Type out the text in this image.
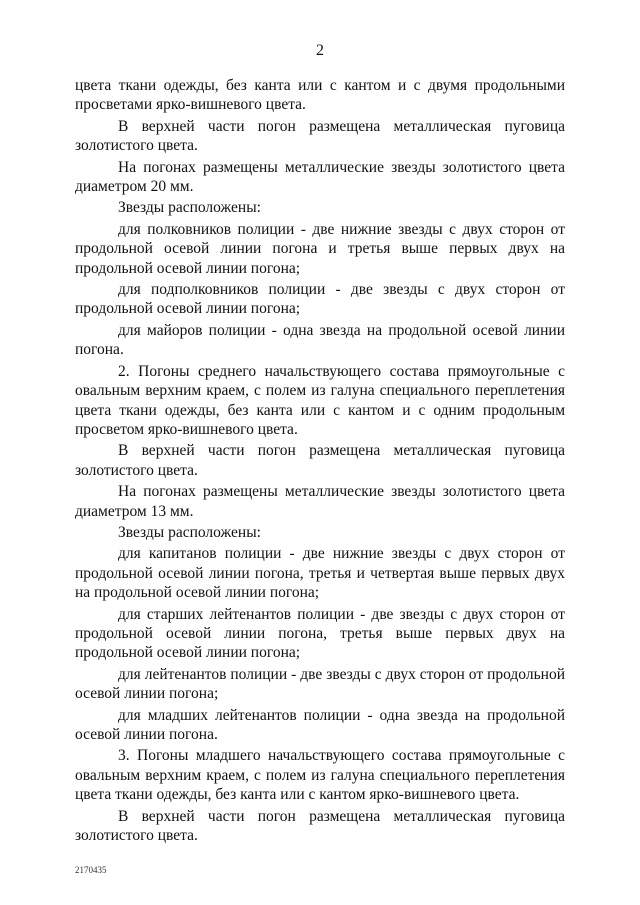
2

цвета ткани одежды, без канта или с кантом и с двумя продольными просветами ярко-вишневого цвета.

В верхней части погон размещена металлическая пуговица золотистого цвета.

На погонах размещены металлические звезды золотистого цвета диаметром 20 мм.

Звезды расположены:

для полковников полиции - две нижние звезды с двух сторон от продольной осевой линии погона и третья выше первых двух на продольной осевой линии погона;

для подполковников полиции - две звезды с двух сторон от продольной осевой линии погона;

для майоров полиции - одна звезда на продольной осевой линии погона.

2. Погоны среднего начальствующего состава прямоугольные с овальным верхним краем, с полем из галуна специального переплетения цвета ткани одежды, без канта или с кантом и с одним продольным просветом ярко-вишневого цвета.

В верхней части погон размещена металлическая пуговица золотистого цвета.

На погонах размещены металлические звезды золотистого цвета диаметром 13 мм.

Звезды расположены:

для капитанов полиции - две нижние звезды с двух сторон от продольной осевой линии погона, третья и четвертая выше первых двух на продольной осевой линии погона;

для старших лейтенантов полиции - две звезды с двух сторон от продольной осевой линии погона, третья выше первых двух на продольной осевой линии погона;

для лейтенантов полиции - две звезды с двух сторон от продольной осевой линии погона;

для младших лейтенантов полиции - одна звезда на продольной осевой линии погона.

3. Погоны младшего начальствующего состава прямоугольные с овальным верхним краем, с полем из галуна специального переплетения цвета ткани одежды, без канта или с кантом ярко-вишневого цвета.

В верхней части погон размещена металлическая пуговица золотистого цвета.

2170435
